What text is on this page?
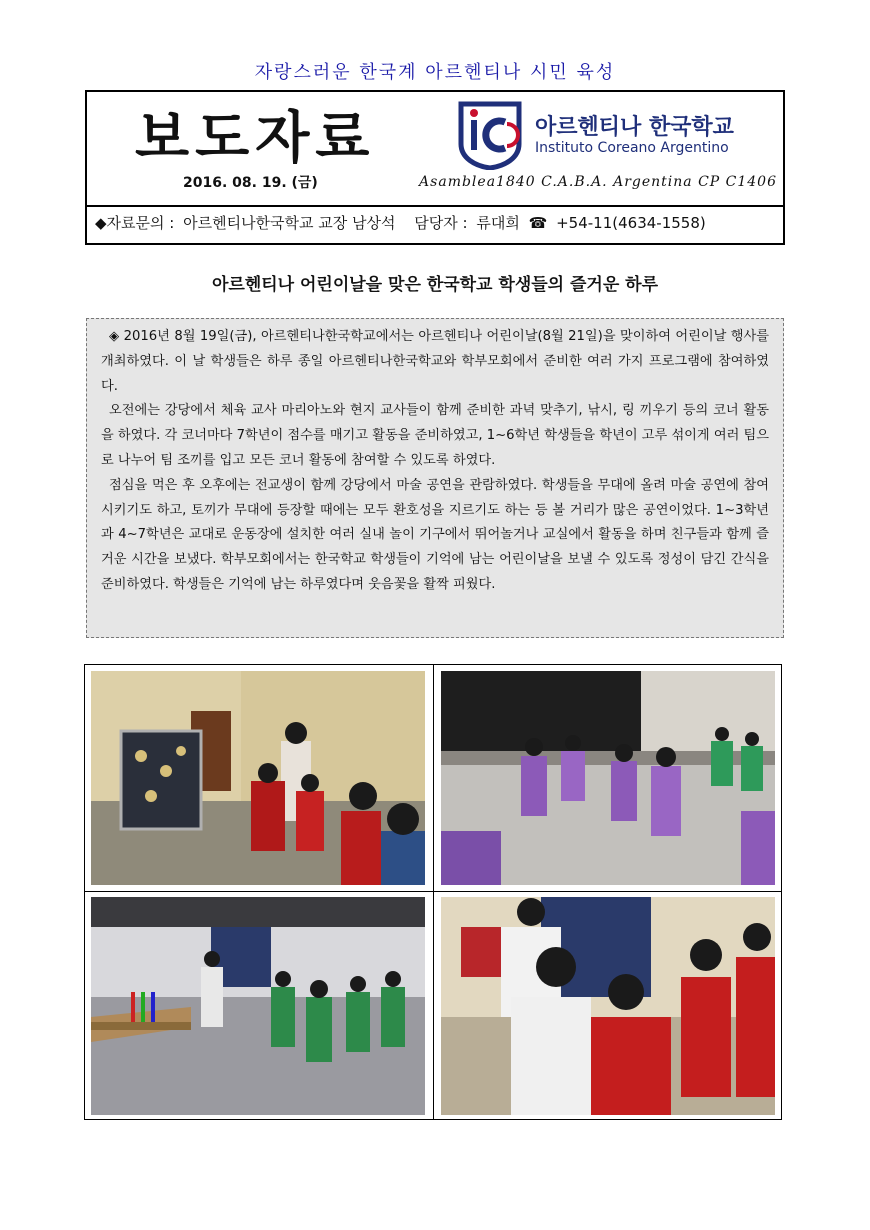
자랑스러운 한국계 아르헨티나 시민 육성
보도자료
2016. 08. 19. (금)
아르헨티나 한국학교
Instituto Coreano Argentino
Asamblea1840 C.A.B.A. Argentina CP C1406
◆자료문의 : 아르헨티나한국학교 교장 남상석 담당자 : 류대희 ☎ +54-11(4634-1558)
아르헨티나 어린이날을 맞은 한국학교 학생들의 즐거운 하루

◈ 2016년 8월 19일(금), 아르헨티나한국학교에서는 아르헨티나 어린이날(8월 21일)을 맞이하여 어린이날 행사를 개최하였다. 이 날 학생들은 하루 종일 아르헨티나한국학교와 학부모회에서 준비한 여러 가지 프로그램에 참여하였다.

오전에는 강당에서 체육 교사 마리아노와 현지 교사들이 함께 준비한 과녁 맞추기, 낚시, 링 끼우기 등의 코너 활동을 하였다. 각 코너마다 7학년이 점수를 매기고 활동을 준비하였고, 1~6학년 학생들을 학년이 고루 섞이게 여러 팀으로 나누어 팀 조끼를 입고 모든 코너 활동에 참여할 수 있도록 하였다.

점심을 먹은 후 오후에는 전교생이 함께 강당에서 마술 공연을 관람하였다. 학생들을 무대에 올려 마술 공연에 참여시키기도 하고, 토끼가 무대에 등장할 때에는 모두 환호성을 지르기도 하는 등 볼 거리가 많은 공연이었다. 1~3학년과 4~7학년은 교대로 운동장에 설치한 여러 실내 놀이 기구에서 뛰어놀거나 교실에서 활동을 하며 친구들과 함께 즐거운 시간을 보냈다. 학부모회에서는 한국학교 학생들이 기억에 남는 어린이날을 보낼 수 있도록 정성이 담긴 간식을 준비하였다. 학생들은 기억에 남는 하루였다며 웃음꽃을 활짝 피웠다.
